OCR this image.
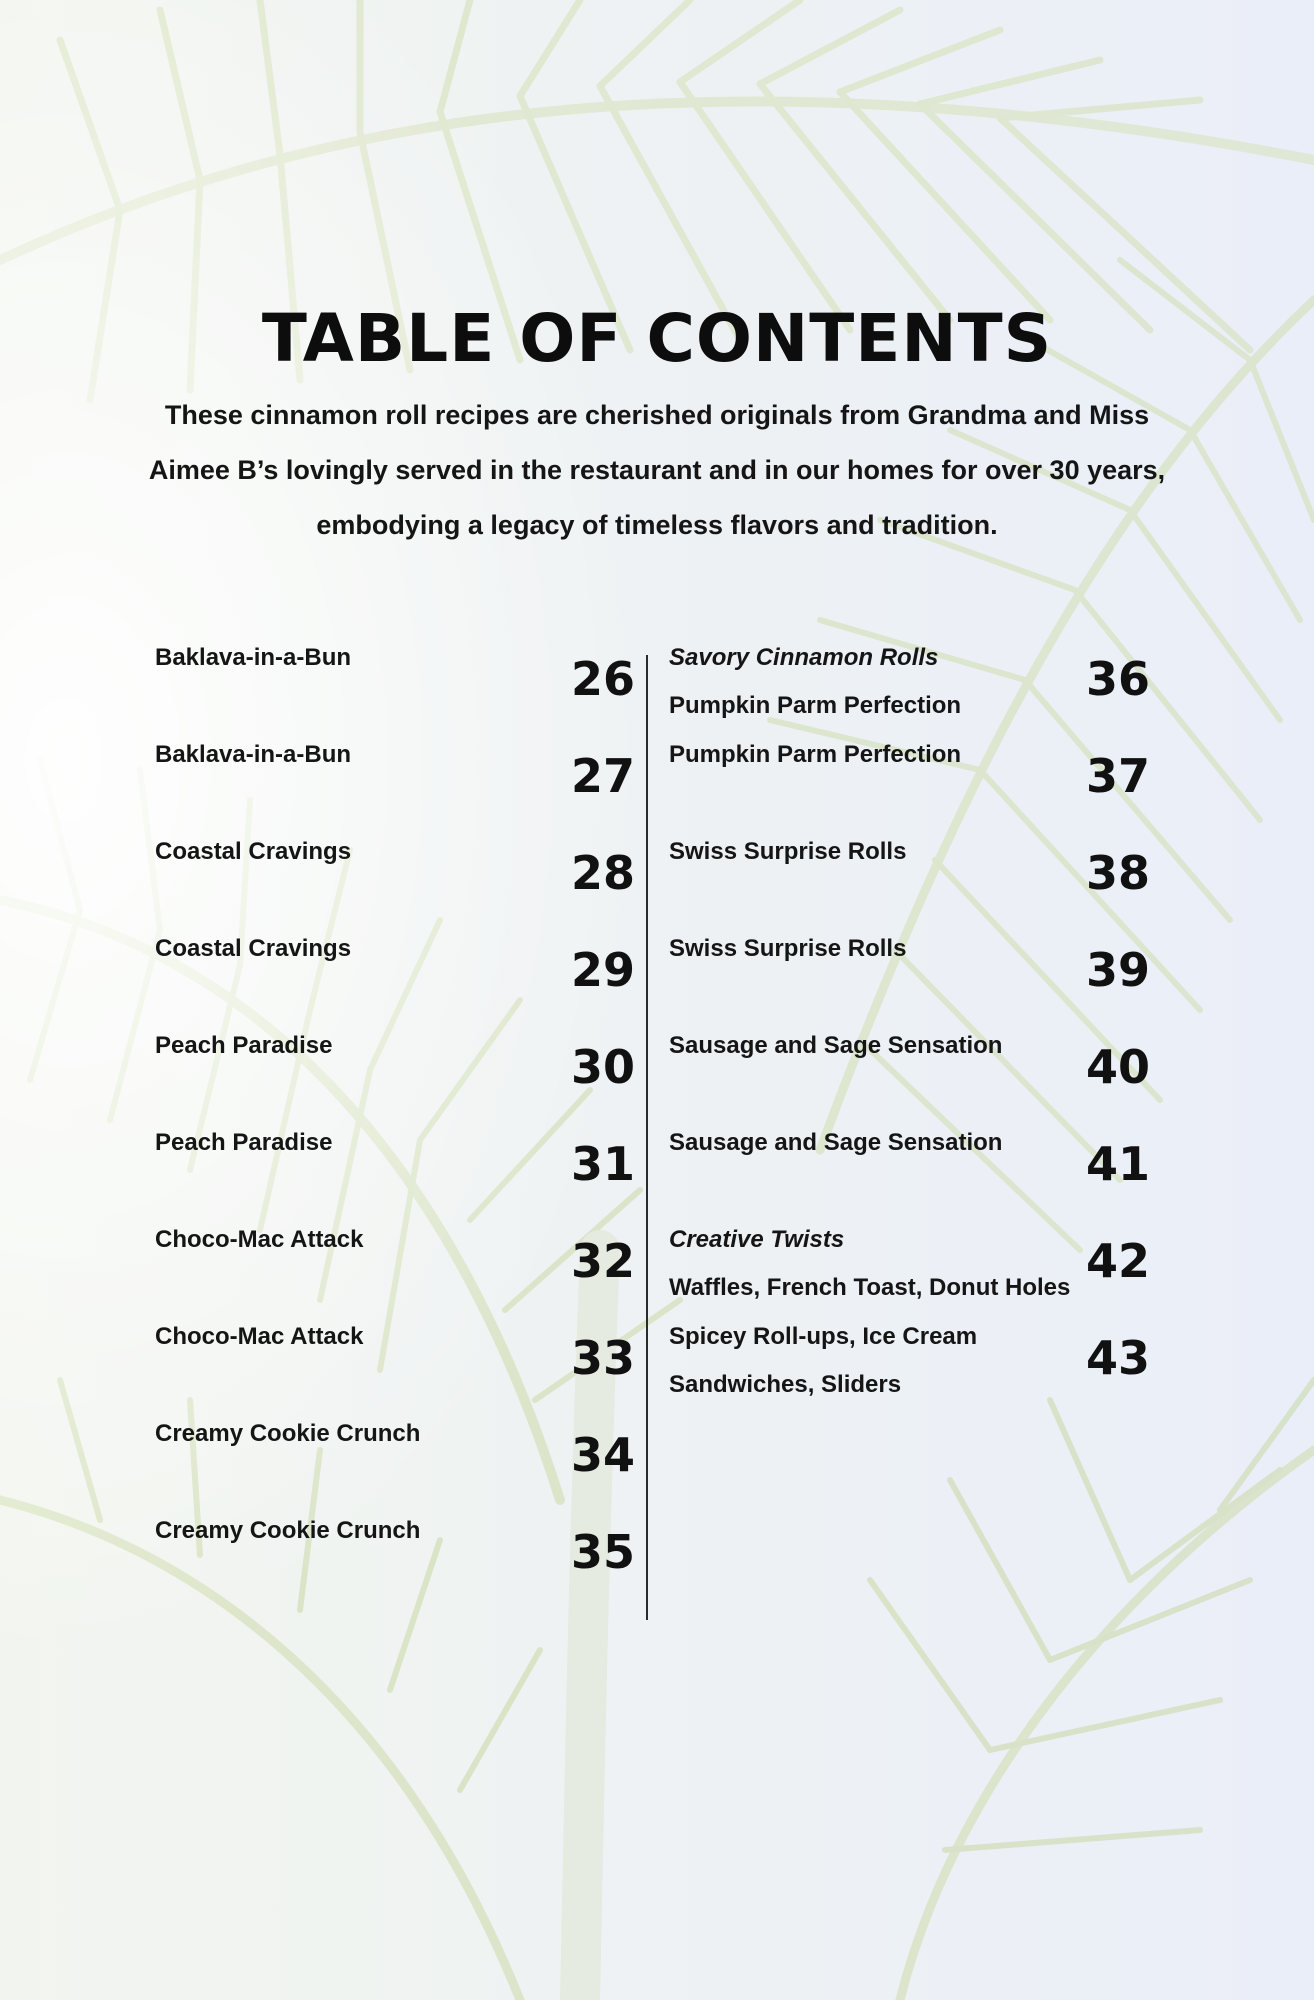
TABLE OF CONTENTS

These cinnamon roll recipes are cherished originals from Grandma and Miss Aimee B’s lovingly served in the restaurant and in our homes for over 30 years, embodying a legacy of timeless flavors and tradition.

Baklava-in-a-Bun	26
Baklava-in-a-Bun	27
Coastal Cravings	28
Coastal Cravings	29
Peach Paradise	30
Peach Paradise	31
Choco-Mac Attack	32
Choco-Mac Attack	33
Creamy Cookie Crunch	34
Creamy Cookie Crunch	35
Savory Cinnamon Rolls
Pumpkin Parm Perfection	36
Pumpkin Parm Perfection	37
Swiss Surprise Rolls	38
Swiss Surprise Rolls	39
Sausage and Sage Sensation 40
Sausage and Sage Sensation 41
Creative Twists
Waffles, French Toast, Donut Holes 42
Spicey Roll-ups, Ice Cream
Sandwiches, Sliders	43
